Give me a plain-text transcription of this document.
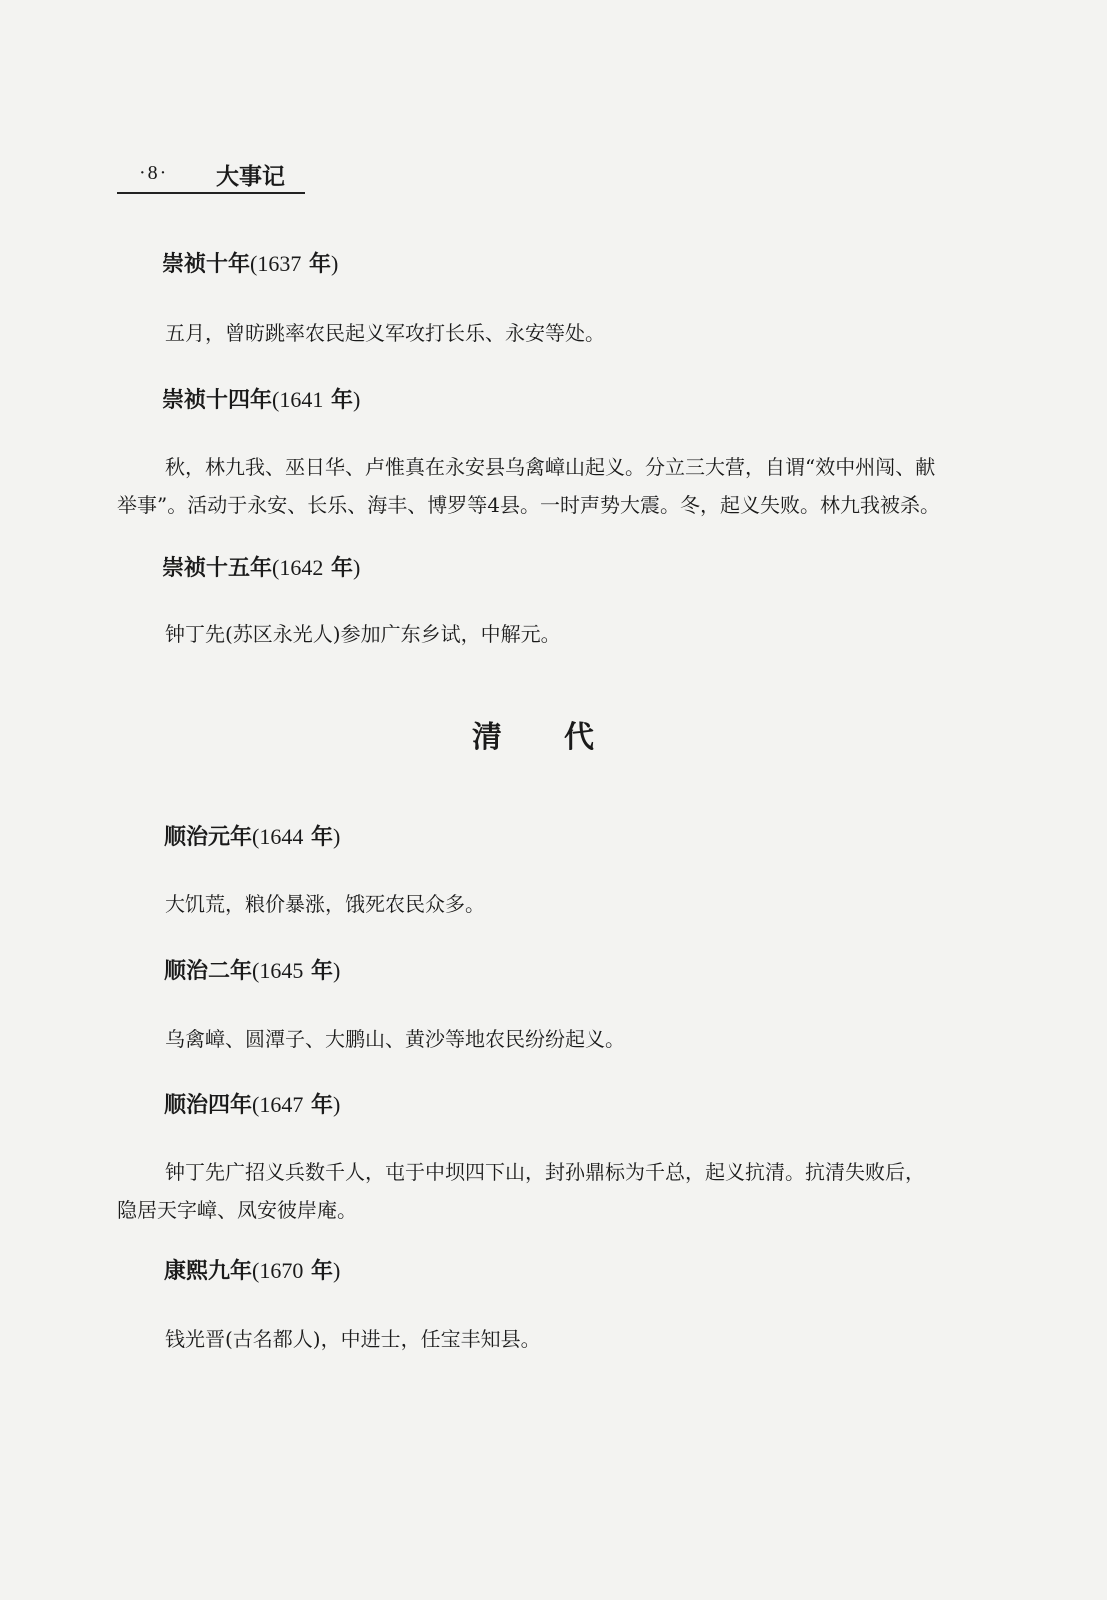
·8· 大事记
崇祯十年(1637 年)
五月，曾昉跳率农民起义军攻打长乐、永安等处。
崇祯十四年(1641 年)
秋，林九我、巫日华、卢惟真在永安县乌禽嶂山起义。分立三大营，自谓“效中州闯、献
举事”。活动于永安、长乐、海丰、博罗等4县。一时声势大震。冬，起义失败。林九我被杀。
崇祯十五年(1642 年)
钟丁先(苏区永光人)参加广东乡试，中解元。
清代
顺治元年(1644 年)
大饥荒，粮价暴涨，饿死农民众多。
顺治二年(1645 年)
乌禽嶂、圆潭子、大鹏山、黄沙等地农民纷纷起义。
顺治四年(1647 年)
钟丁先广招义兵数千人，屯于中坝四下山，封孙鼎标为千总，起义抗清。抗清失败后，
隐居天字嶂、凤安彼岸庵。
康熙九年(1670 年)
钱光晋(古名都人)，中进士，任宝丰知县。
